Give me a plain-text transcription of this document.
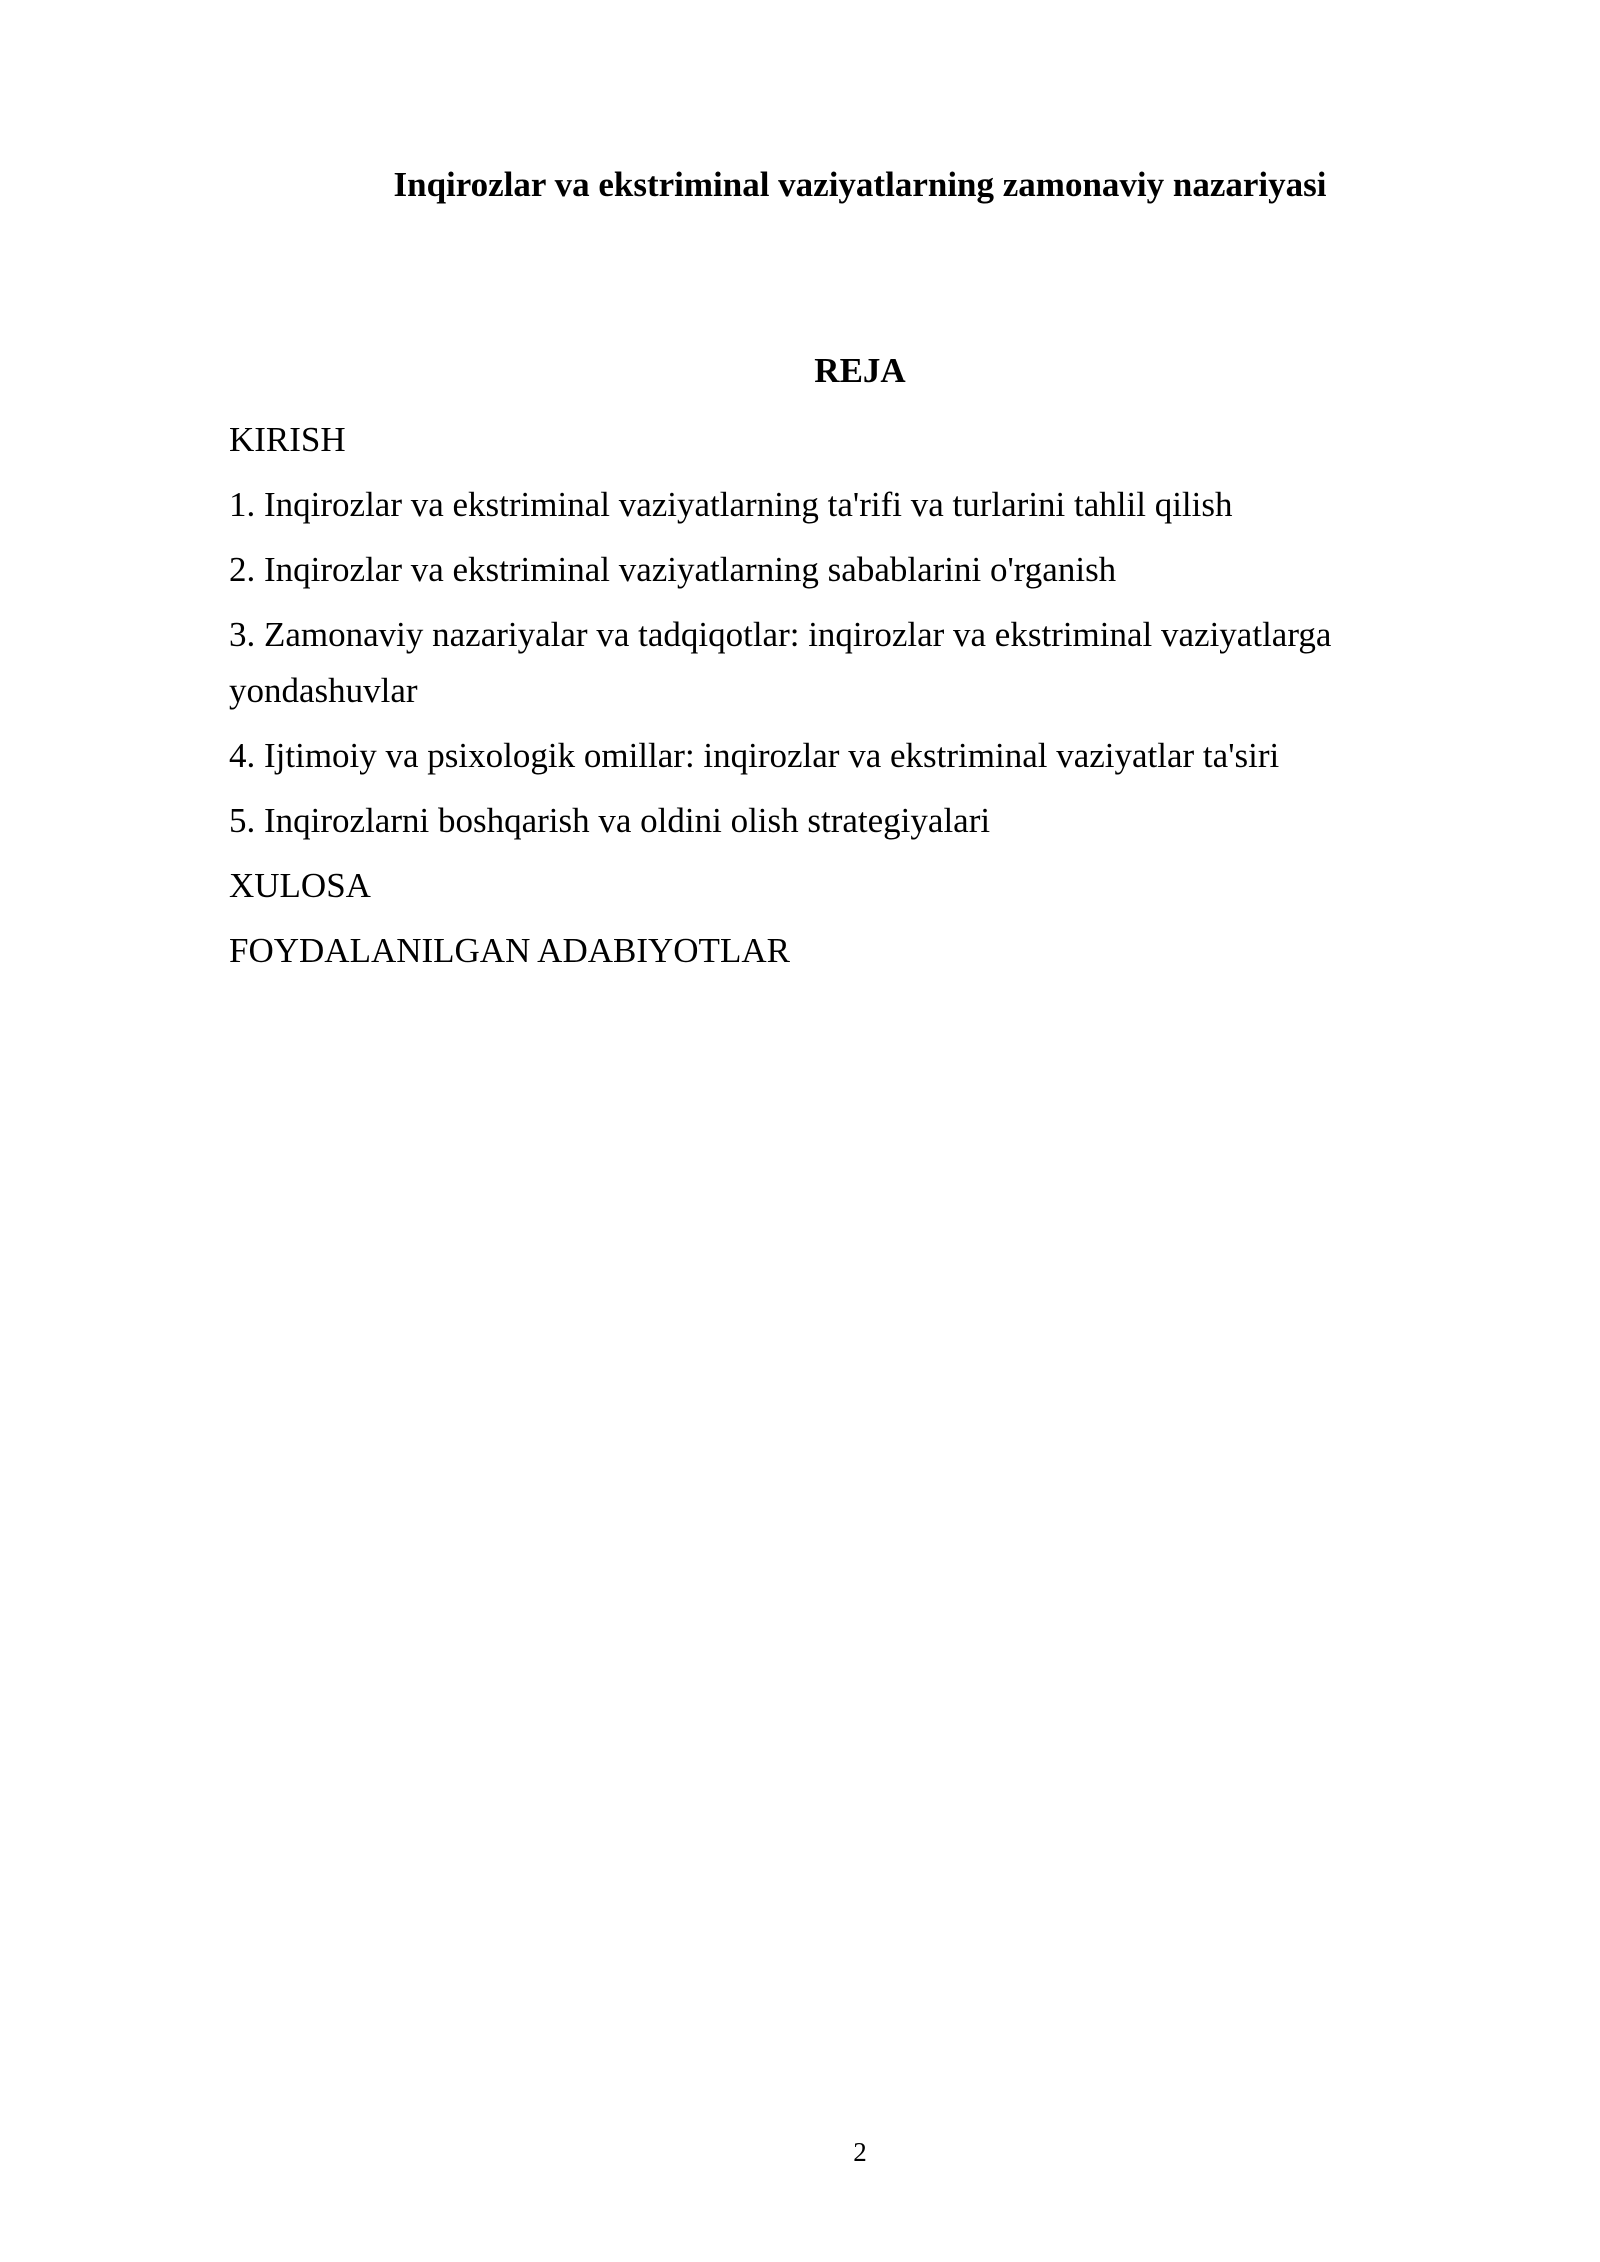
Inqirozlar va ekstriminal vaziyatlarning zamonaviy nazariyasi
REJA
KIRISH
1. Inqirozlar va ekstriminal vaziyatlarning ta'rifi va turlarini tahlil qilish
2. Inqirozlar va ekstriminal vaziyatlarning sabablarini o'rganish
3. Zamonaviy nazariyalar va tadqiqotlar: inqirozlar va ekstriminal vaziyatlarga yondashuvlar
4. Ijtimoiy va psixologik omillar: inqirozlar va ekstriminal vaziyatlar ta'siri
5. Inqirozlarni boshqarish va oldini olish strategiyalari
XULOSA
FOYDALANILGAN ADABIYOTLAR
2
